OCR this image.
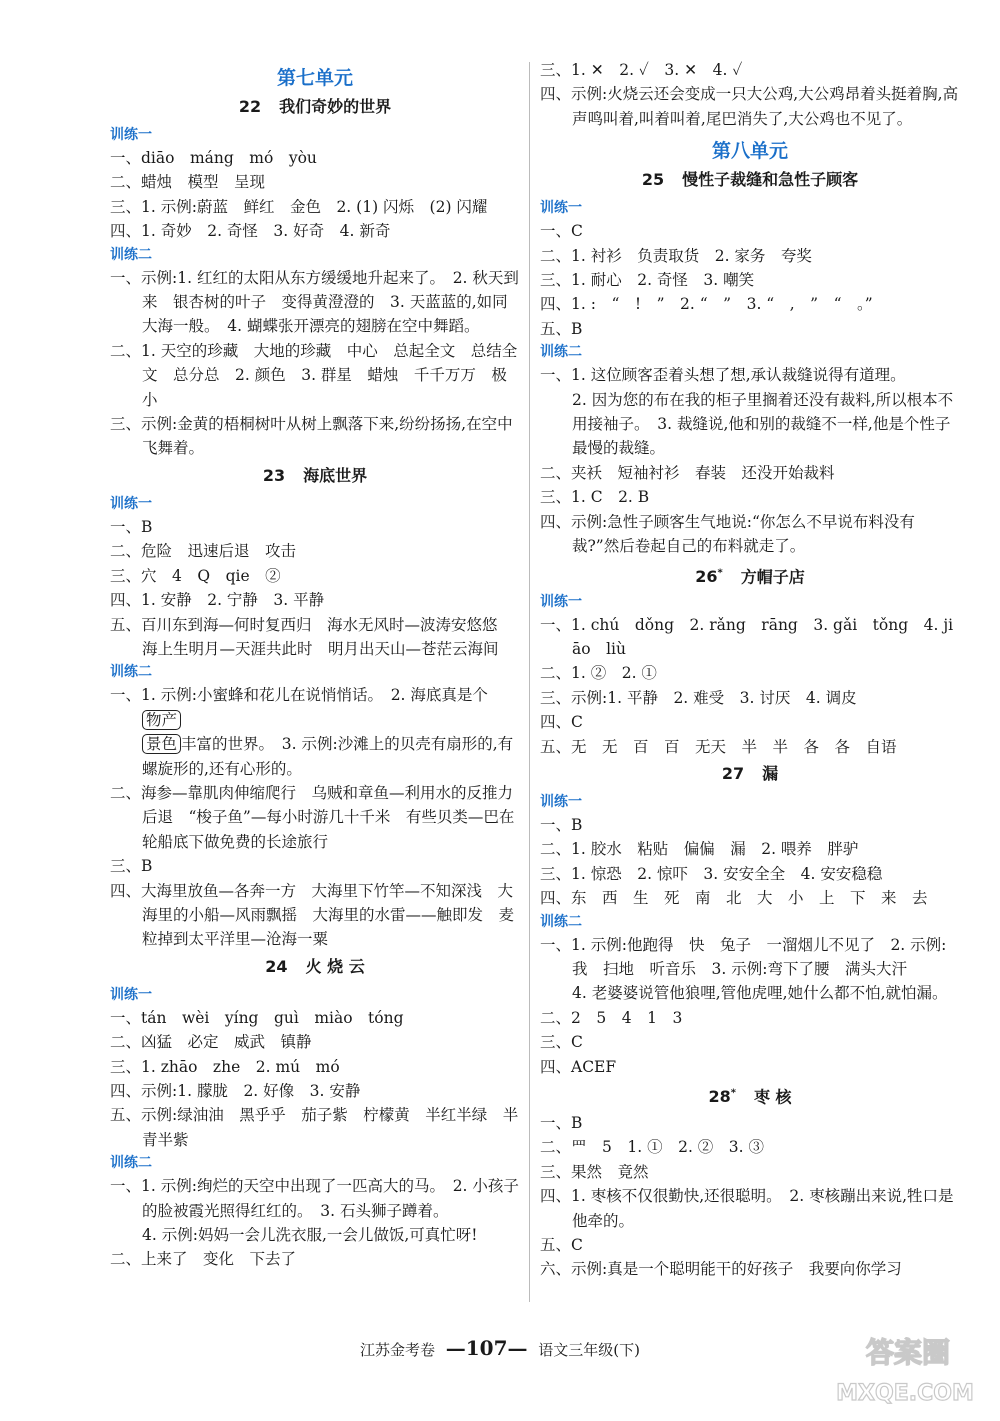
第七单元
22 我们奇妙的世界
训练一
一、diāo　máng　mó　yòu
二、蜡烛　模型　呈现
三、1. 示例:蔚蓝　鲜红　金色　2. (1) 闪烁　(2) 闪耀
四、1. 奇妙　2. 奇怪　3. 好奇　4. 新奇
训练二
一、示例:1. 红红的太阳从东方缓缓地升起来了。　2. 秋天到来　银杏树的叶子　变得黄澄澄的　3. 天蓝蓝的,如同大海一般。　4. 蝴蝶张开漂亮的翅膀在空中舞蹈。
二、1. 天空的珍藏　大地的珍藏　中心　总起全文　总结全文　总分总　2. 颜色　3. 群星　蜡烛　千千万万　极小
三、示例:金黄的梧桐树叶从树上飘落下来,纷纷扬扬,在空中飞舞着。
23 海底世界
训练一
一、B
二、危险　迅速后退　攻击
三、穴　4　Q　qie　②
四、1. 安静　2. 宁静　3. 平静
五、百川东到海—何时复西归　海水无风时—波涛安悠悠　海上生明月—天涯共此时　明月出天山—苍茫云海间
训练二
一、1. 示例:小蜜蜂和花儿在说悄悄话。　2. 海底真是个
物产
景色 丰富的世界。　3. 示例:沙滩上的贝壳有扇形的,有螺旋形的,还有心形的。
二、海参—靠肌肉伸缩爬行　乌贼和章鱼—利用水的反推力后退　“梭子鱼”—每小时游几十千米　有些贝类—巴在轮船底下做免费的长途旅行
三、B
四、大海里放鱼—各奔一方　大海里下竹竿—不知深浅　大海里的小船—风雨飘摇　大海里的水雷——触即发　麦粒掉到太平洋里—沧海一粟
24 火 烧 云
训练一
一、tán　wèi　yíng　guì　miào　tóng
二、凶猛　必定　威武　镇静
三、1. zhāo　zhe　2. mú　mó
四、示例:1. 朦胧　2. 好像　3. 安静
五、示例:绿油油　黑乎乎　茄子紫　柠檬黄　半红半绿　半青半紫
训练二
一、1. 示例:绚烂的天空中出现了一匹高大的马。　2. 小孩子的脸被霞光照得红红的。　3. 石头狮子蹲着。
4. 示例:妈妈一会儿洗衣服,一会儿做饭,可真忙呀!
二、上来了　变化　下去了
三、1. ✕　2. ✓　3. ✕　4. ✓
四、示例:火烧云还会变成一只大公鸡,大公鸡昂着头挺着胸,高声鸣叫着,叫着叫着,尾巴消失了,大公鸡也不见了。
第八单元
25 慢性子裁缝和急性子顾客
训练一
一、C
二、1. 衬衫　负责取货　2. 家务　夸奖
三、1. 耐心　2. 奇怪　3. 嘲笑
四、1. :　“　!　”　2. “　”　3. “　,　”　“　。”
五、B
训练二
一、1. 这位顾客歪着头想了想,承认裁缝说得有道理。
2. 因为您的布在我的柜子里搁着还没有裁料,所以根本不用接袖子。　3. 裁缝说,他和别的裁缝不一样,他是个性子最慢的裁缝。
二、夹袄　短袖衬衫　春装　还没开始裁料
三、1. C　2. B
四、示例:急性子顾客生气地说:“你怎么不早说布料没有裁?”然后卷起自己的布料就走了。
26* 方帽子店
训练一
一、1. chú　dǒng　2. rǎng　rāng　3. gǎi　tǒng　4. jiāo　liù
二、1. ②　2. ①
三、示例:1. 平静　2. 难受　3. 讨厌　4. 调皮
四、C
五、无　无　百　百　无天　半　半　各　各　自语
27 漏
训练一
一、B
二、1. 胶水　粘贴　偏偏　漏　2. 喂养　胖驴
三、1. 惊恐　2. 惊吓　3. 安安全全　4. 安安稳稳
四、东　西　生　死　南　北　大　小　上　下　来　去
训练二
一、1. 示例:他跑得　快　兔子　一溜烟儿不见了　2. 示例:我　扫地　听音乐　3. 示例:弯下了腰　满头大汗
4. 老婆婆说管他狼哩,管他虎哩,她什么都不怕,就怕漏。
二、2　5　4　1　3
三、C
四、ACEF
28* 枣 核
一、B
二、罒　5　1. ①　2. ②　3. ③
三、果然　竟然
四、1. 枣核不仅很勤快,还很聪明。　2. 枣核蹦出来说,牲口是他牵的。
五、C
六、示例:真是一个聪明能干的好孩子　我要向你学习
江苏金考卷 —107— 语文三年级(下)	答案圈
MXQE.COM
